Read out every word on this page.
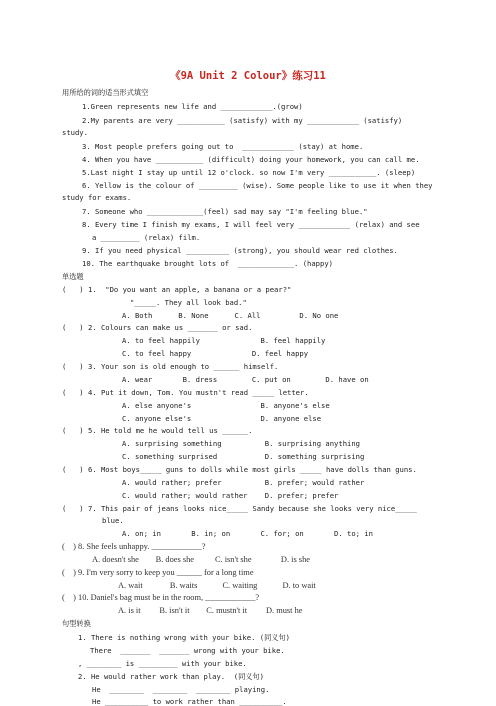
《9A Unit 2 Colour》练习11
用所给的词的适当形式填空
1.Green represents new life and ____________.(grow)
2.My parents are very ___________ (satisfy) with my ____________ (satisfy)
study.
3. Most people prefers going out to  ____________ (stay) at home.
4. When you have ___________ (difficult) doing your homework, you can call me.
5.Last night I stay up until 12 o'clock. so now I'm very ___________. (sleep)
6. Yellow is the colour of _________ (wise). Some people like to use it when they
study for exams.
7. Someone who _____________(feel) sad may say "I'm feeling blue."
8. Every time I finish my exams, I will feel very ____________ (relax) and see
a _________ (relax) film.
9. If you need physical __________ (strong), you should wear red clothes.
10. The earthquake brought lots of  _____________. (happy)
单选题
(   ) 1.  "Do you want an apple, a banana or a pear?"
"_____. They all look bad."
A. Both      B. None      C. All         D. No one
(   ) 2. Colours can make us _______ or sad.
A. to feel happily              B. feel happily
C. to feel happy              D. feel happy
(   ) 3. Your son is old enough to ______ himself.
A. wear       B. dress        C. put on        D. have on
(   ) 4. Put it down, Tom. You mustn't read _____ letter.
A. else anyone's                B. anyone's else
C. anyone else's                D. anyone else
(   ) 5. He told me he would tell us ______.
A. surprising something          B. surprising anything
C. something surprised           D. something surprising
(   ) 6. Most boys_____ guns to dolls while most girls _____ have dolls than guns.
A. would rather; prefer          B. prefer; would rather
C. would rather; would rather    D. prefer; prefer
(   ) 7. This pair of jeans looks nice_____ Sandy because she looks very nice_____
blue.
A. on; in       B. in; on       C. for; on       D. to; in
(    ) 8. She feels unhappy. ____________?
A. doesn't she        B. does she          C. isn't she              D. is she
(    ) 9. I'm very sorry to keep you ______ for a long time
A. wait             B. waits            C. waiting            D. to wait
(    ) 10. Daniel's bag must be in the room, ____________?
A. is it         B. isn't it        C. mustn't it         D. must he
句型转换
1. There is nothing wrong with your bike. (同义句)
There  _______  _______ wrong with your bike.
, ________ is _________ with your bike.
2. He would rather work than play.  (同义句)
He  ________  ________  ________ playing.
He __________ to work rather than __________.
